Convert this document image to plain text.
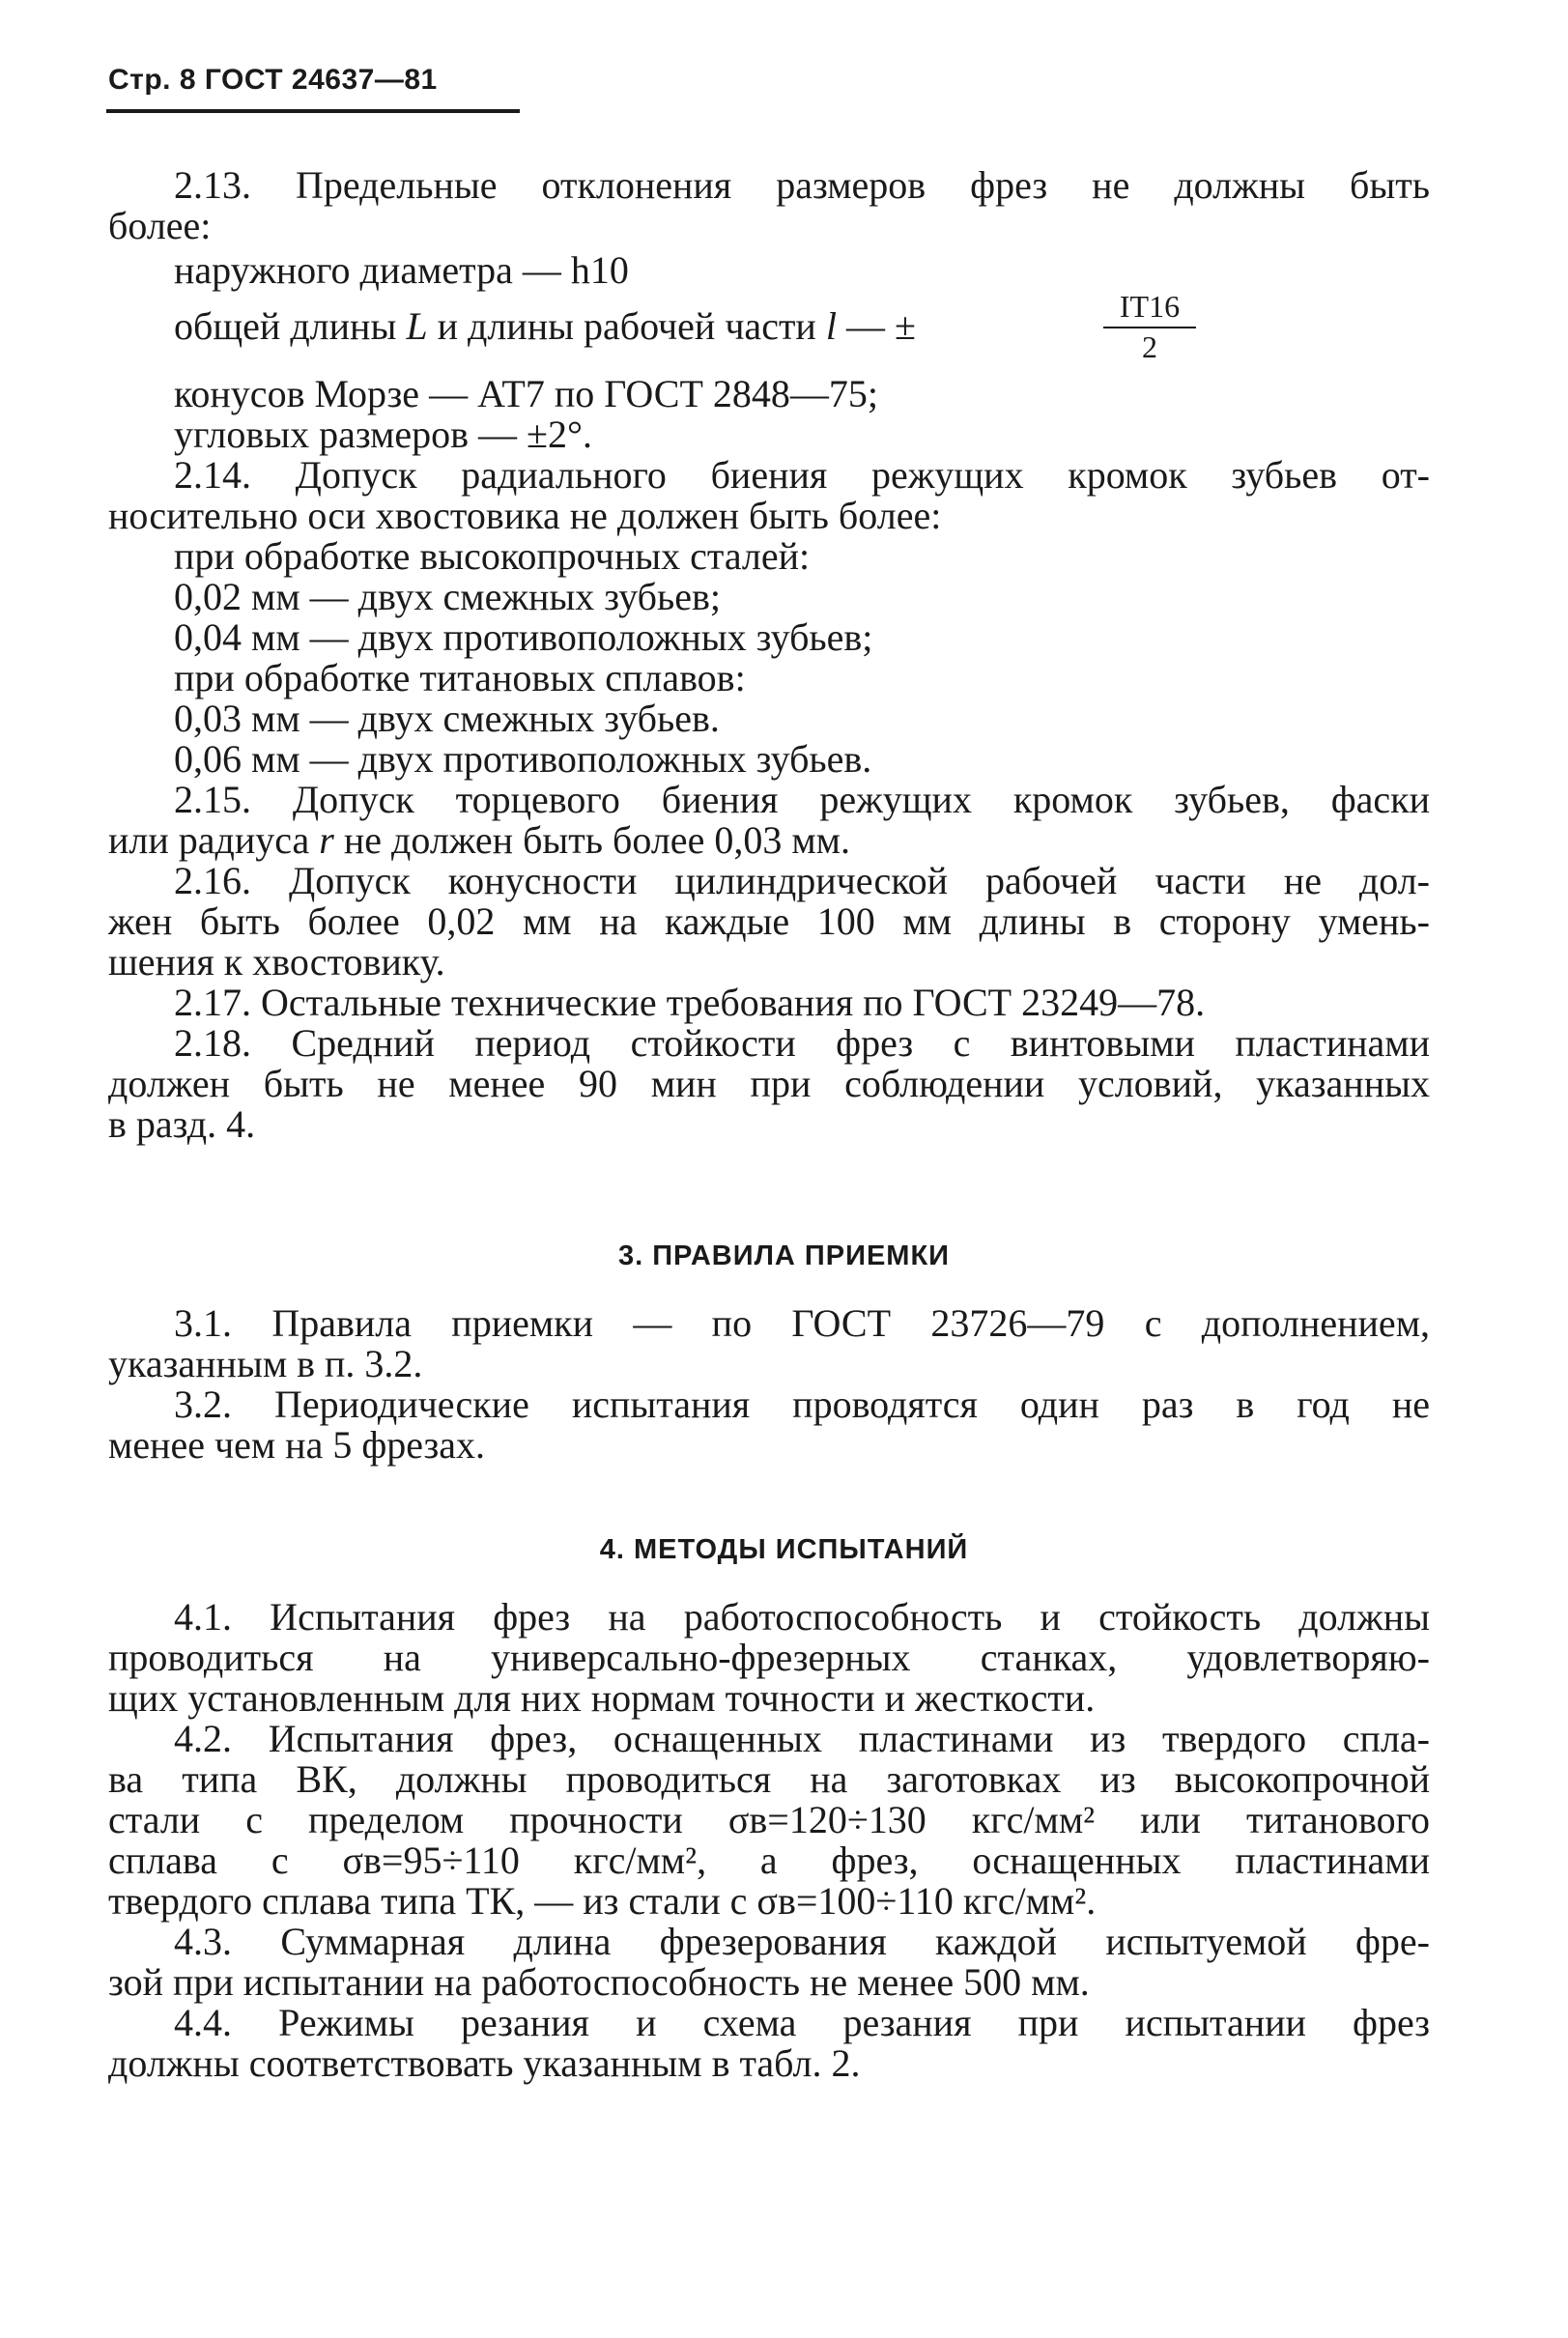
Стр. 8 ГОСТ 24637—81
2.13. Предельные отклонения размеров фрез не должны быть
более:
наружного диаметра — h10
общей длины L и длины рабочей части l — ±	IT16
2
конусов Морзе — АТ7 по ГОСТ 2848—75;
угловых размеров — ±2°.
2.14. Допуск радиального биения режущих кромок зубьев от-
носительно оси хвостовика не должен быть более:
при обработке высокопрочных сталей:
0,02 мм — двух смежных зубьев;
0,04 мм — двух противоположных зубьев;
при обработке титановых сплавов:
0,03 мм — двух смежных зубьев.
0,06 мм — двух противоположных зубьев.
2.15. Допуск торцевого биения режущих кромок зубьев, фаски
или радиуса r не должен быть более 0,03 мм.
2.16. Допуск конусности цилиндрической рабочей части не дол-
жен быть более 0,02 мм на каждые 100 мм длины в сторону умень-
шения к хвостовику.
2.17. Остальные технические требования по ГОСТ 23249—78.
2.18. Средний период стойкости фрез с винтовыми пластинами
должен быть не менее 90 мин при соблюдении условий, указанных
в разд. 4.
3. ПРАВИЛА ПРИЕМКИ
3.1. Правила приемки — по ГОСТ 23726—79 с дополнением,
указанным в п. 3.2.
3.2. Периодические испытания проводятся один раз в год не
менее чем на 5 фрезах.
4. МЕТОДЫ ИСПЫТАНИЙ
4.1. Испытания фрез на работоспособность и стойкость должны
проводиться на универсально-фрезерных станках, удовлетворяю-
щих установленным для них нормам точности и жесткости.
4.2. Испытания фрез, оснащенных пластинами из твердого спла-
ва типа ВК, должны проводиться на заготовках из высокопрочной
стали с пределом прочности σв=120÷130 кгс/мм² или титанового
сплава с σв=95÷110 кгс/мм², а фрез, оснащенных пластинами
твердого сплава типа ТК, — из стали с σв=100÷110 кгс/мм².
4.3. Суммарная длина фрезерования каждой испытуемой фре-
зой при испытании на работоспособность не менее 500 мм.
4.4. Режимы резания и схема резания при испытании фрез
должны соответствовать указанным в табл. 2.
